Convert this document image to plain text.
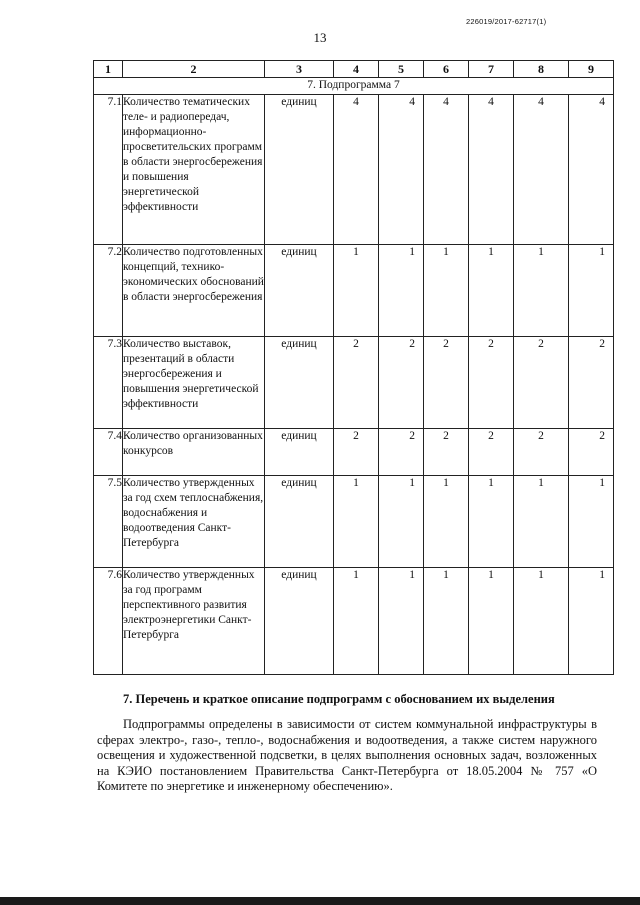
226019/2017-62717(1)
13
1	2	3	4	5	6	7	8	9
7. Подпрограмма 7								
7.1	Количество тематических теле- и радиопередач, информационно-просветительских программ в области энергосбережения и повышения энергетической эффективности	единиц	4	4	4	4	4	4
7.2	Количество подготовленных концепций, технико-экономических обоснований в области энергосбережения	единиц	1	1	1	1	1	1
7.3	Количество выставок, презентаций в области энергосбережения и повышения энергетической эффективности	единиц	2	2	2	2	2	2
7.4	Количество организованных конкурсов	единиц	2	2	2	2	2	2
7.5	Количество утвержденных за год схем теплоснабжения, водоснабжения и водоотведения Санкт-Петербурга	единиц	1	1	1	1	1	1
7.6	Количество утвержденных за год программ перспективного развития электроэнергетики Санкт-Петербурга	единиц	1	1	1	1	1	1
7. Перечень и краткое описание подпрограмм с обоснованием их выделения
Подпрограммы определены в зависимости от систем коммунальной инфраструктуры в сферах электро-, газо-, тепло-, водоснабжения и водоотведения, а также систем наружного освещения и художественной подсветки, в целях выполнения основных задач, возложенных на КЭИО постановлением Правительства Санкт-Петербурга от 18.05.2004 № 757 «О Комитете по энергетике и инженерному обеспечению».
